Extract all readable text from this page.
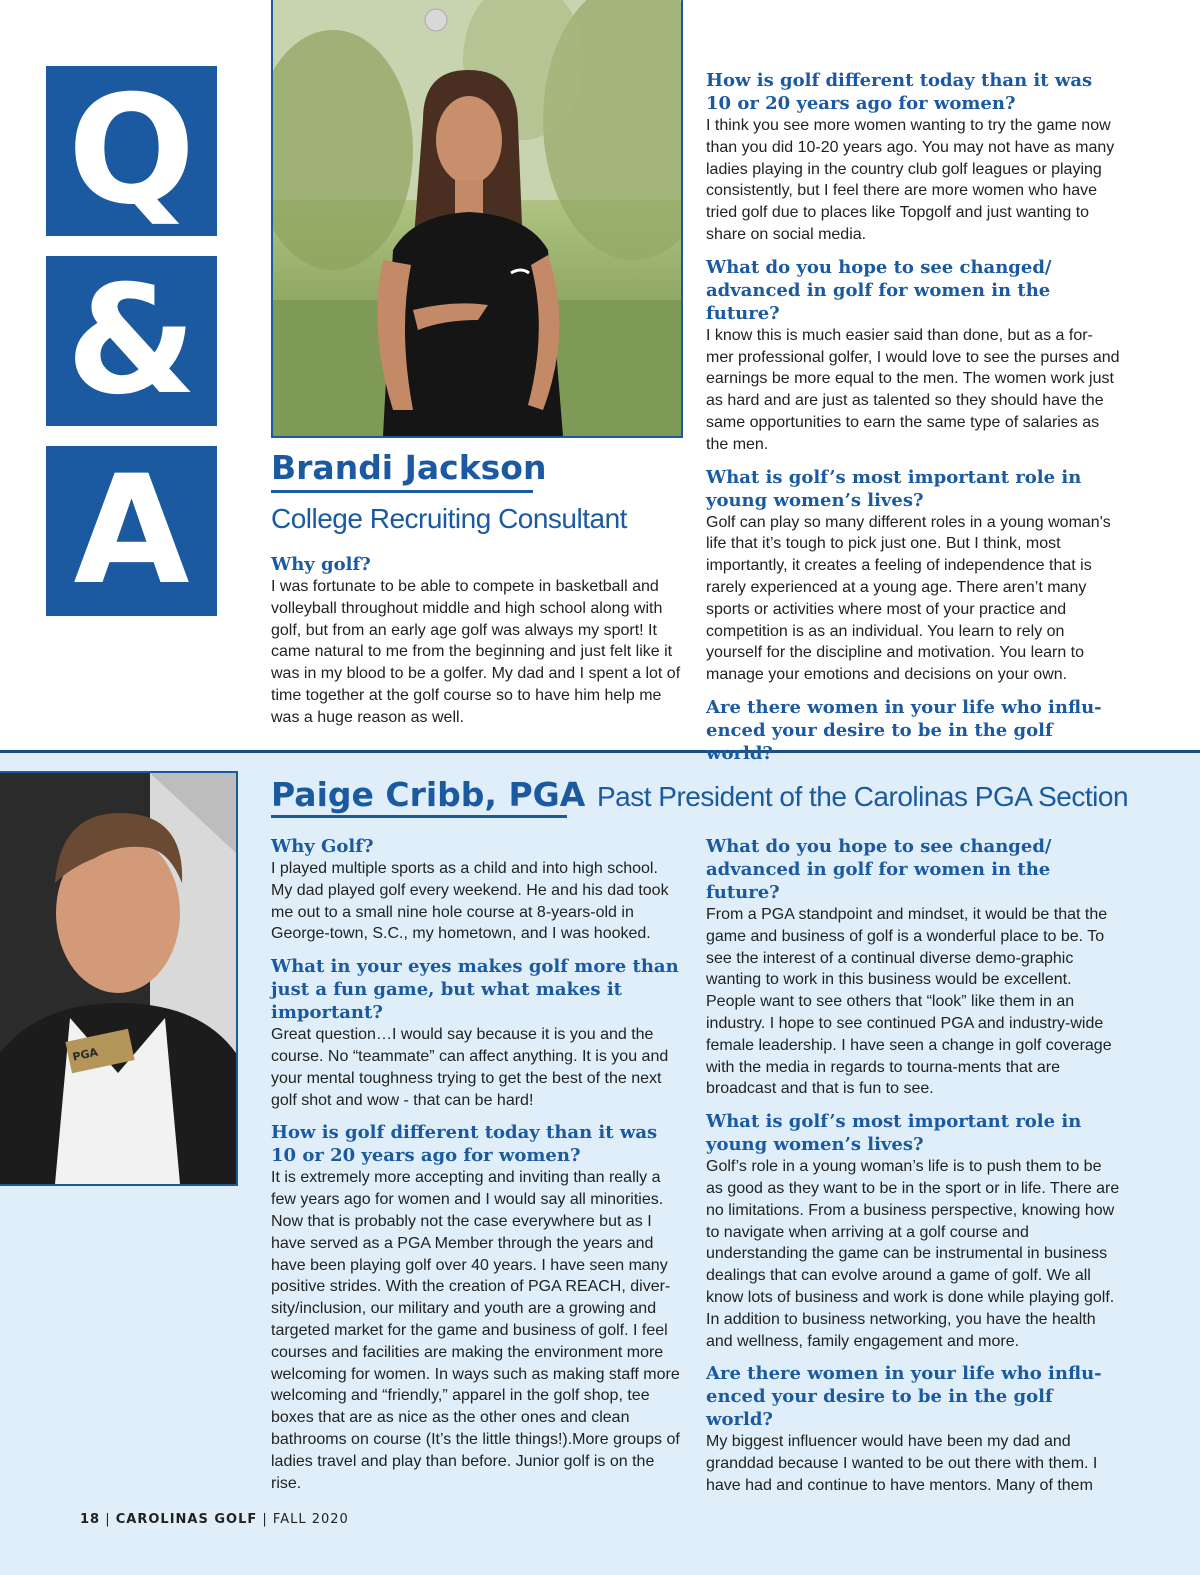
Q
&
A	Brandi Jackson
College Recruiting Consultant

Why golf?

I was fortunate to be able to compete in basketball and volleyball throughout middle and high school along with golf, but from an early age golf was always my sport! It came natural to me from the beginning and just felt like it was in my blood to be a golfer. My dad and I spent a lot of time together at the golf course so to have him help me was a huge reason as well.

How is golf different today than it was 10 or 20 years ago for women?

I think you see more women wanting to try the game now than you did 10-20 years ago. You may not have as many ladies playing in the country club golf leagues or playing consistently, but I feel there are more women who have tried golf due to places like Topgolf and just wanting to share on social media.

What do you hope to see changed/ advanced in golf for women in the future?

I know this is much easier said than done, but as a for-mer professional golfer, I would love to see the purses and earnings be more equal to the men. The women work just as hard and are just as talented so they should have the same opportunities to earn the same type of salaries as the men.

What is golf’s most important role in young women’s lives?

Golf can play so many different roles in a young woman's life that it’s tough to pick just one. But I think, most importantly, it creates a feeling of independence that is rarely experienced at a young age. There aren’t many sports or activities where most of your practice and competition is as an individual. You learn to rely on yourself for the discipline and motivation. You learn to manage your emotions and decisions on your own.

Are there women in your life who influ-enced your desire to be in the golf world?

PGA
Paige Cribb, PGA Past President of the Carolinas PGA Section

Why Golf?

I played multiple sports as a child and into high school. My dad played golf every weekend. He and his dad took me out to a small nine hole course at 8-years-old in George-town, S.C., my hometown, and I was hooked.

What in your eyes makes golf more than just a fun game, but what makes it important?

Great question…I would say because it is you and the course. No “teammate” can affect anything. It is you and your mental toughness trying to get the best of the next golf shot and wow - that can be hard!

How is golf different today than it was 10 or 20 years ago for women?

It is extremely more accepting and inviting than really a few years ago for women and I would say all minorities. Now that is probably not the case everywhere but as I have served as a PGA Member through the years and have been playing golf over 40 years. I have seen many positive strides. With the creation of PGA REACH, diver-sity/inclusion, our military and youth are a growing and targeted market for the game and business of golf. I feel courses and facilities are making the environment more welcoming for women. In ways such as making staff more welcoming and “friendly,” apparel in the golf shop, tee boxes that are as nice as the other ones and clean bathrooms on course (It’s the little things!).More groups of ladies travel and play than before. Junior golf is on the rise.

What do you hope to see changed/ advanced in golf for women in the future?

From a PGA standpoint and mindset, it would be that the game and business of golf is a wonderful place to be. To see the interest of a continual diverse demo-graphic wanting to work in this business would be excellent. People want to see others that “look” like them in an industry. I hope to see continued PGA and industry-wide female leadership. I have seen a change in golf coverage with the media in regards to tourna-ments that are broadcast and that is fun to see.

What is golf’s most important role in young women’s lives?

Golf’s role in a young woman’s life is to push them to be as good as they want to be in the sport or in life. There are no limitations. From a business perspective, knowing how to navigate when arriving at a golf course and understanding the game can be instrumental in business dealings that can evolve around a game of golf. We all know lots of business and work is done while playing golf. In addition to business networking, you have the health and wellness, family engagement and more.

Are there women in your life who influ-enced your desire to be in the golf world?

My biggest influencer would have been my dad and granddad because I wanted to be out there with them. I have had and continue to have mentors. Many of them

18 | CAROLINAS GOLF | FALL 2020
